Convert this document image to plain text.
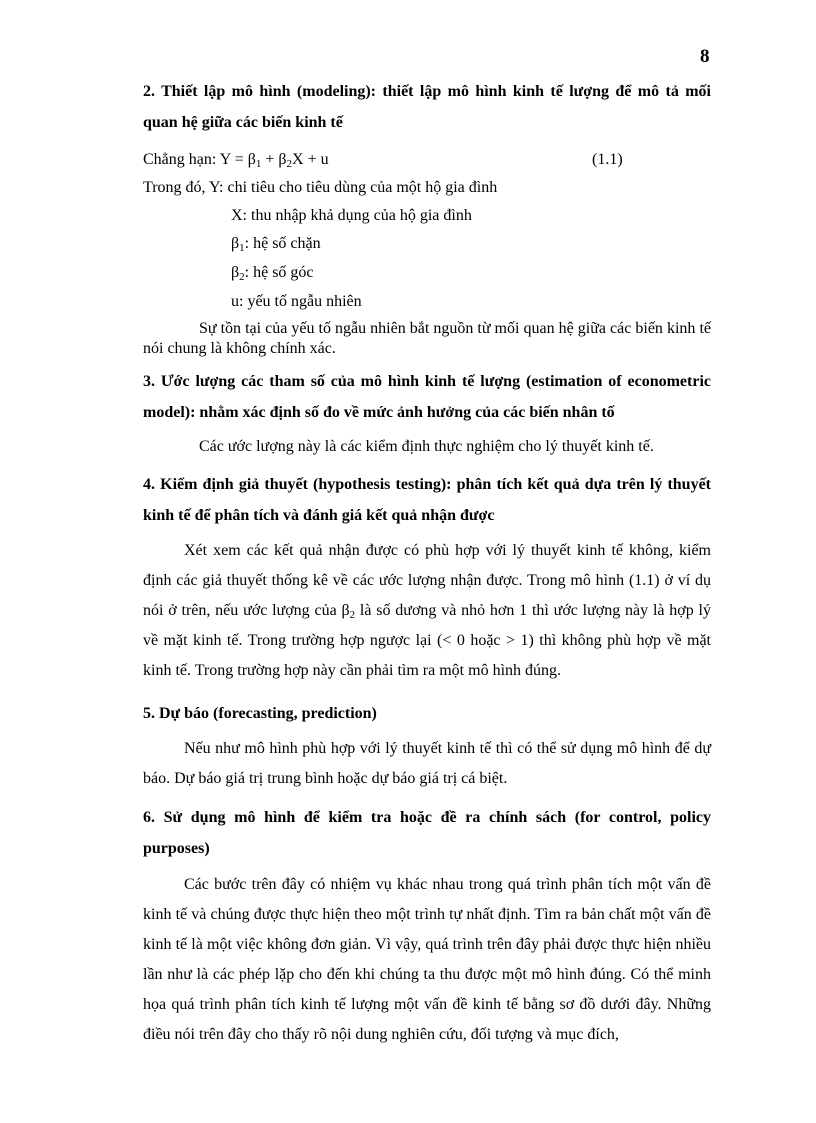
8
2. Thiết lập mô hình (modeling): thiết lập mô hình kinh tế lượng để mô tả mối quan hệ giữa các biến kinh tế
Chẳng hạn: $Y = \beta_1 + \beta_2X + u$	(1.1)
Trong đó, Y: chi tiêu cho tiêu dùng của một hộ gia đình
X: thu nhập khả dụng của hộ gia đình
$\beta_1$: hệ số chặn
$\beta_2$: hệ số góc
u: yếu tố ngẫu nhiên
Sự tồn tại của yếu tố ngẫu nhiên bắt nguồn từ mối quan hệ giữa các biến kinh tế nói chung là không chính xác.
3. Ước lượng các tham số của mô hình kinh tế lượng (estimation of econometric model): nhằm xác định số đo về mức ảnh hưởng của các biến nhân tố
Các ước lượng này là các kiểm định thực nghiệm cho lý thuyết kinh tế.
4. Kiểm định giả thuyết (hypothesis testing): phân tích kết quả dựa trên lý thuyết kinh tế để phân tích và đánh giá kết quả nhận được
Xét xem các kết quả nhận được có phù hợp với lý thuyết kinh tế không, kiểm định các giả thuyết thống kê về các ước lượng nhận được. Trong mô hình (1.1) ở ví dụ nói ở trên, nếu ước lượng của $\beta_2$ là số dương và nhỏ hơn 1 thì ước lượng này là hợp lý về mặt kinh tế. Trong trường hợp ngược lại (< 0 hoặc > 1) thì không phù hợp về mặt kinh tế. Trong trường hợp này cần phải tìm ra một mô hình đúng.
5. Dự báo (forecasting, prediction)
Nếu như mô hình phù hợp với lý thuyết kinh tế thì có thể sử dụng mô hình để dự báo. Dự báo giá trị trung bình hoặc dự báo giá trị cá biệt.
6. Sử dụng mô hình để kiểm tra hoặc đề ra chính sách (for control, policy purposes)
Các bước trên đây có nhiệm vụ khác nhau trong quá trình phân tích một vấn đề kinh tế và chúng được thực hiện theo một trình tự nhất định. Tìm ra bản chất một vấn đề kinh tế là một việc không đơn giản. Vì vậy, quá trình trên đây phải được thực hiện nhiều lần như là các phép lặp cho đến khi chúng ta thu được một mô hình đúng. Có thể minh họa quá trình phân tích kinh tế lượng một vấn đề kinh tế bằng sơ đồ dưới đây. Những điều nói trên đây cho thấy rõ nội dung nghiên cứu, đối tượng và mục đích,
